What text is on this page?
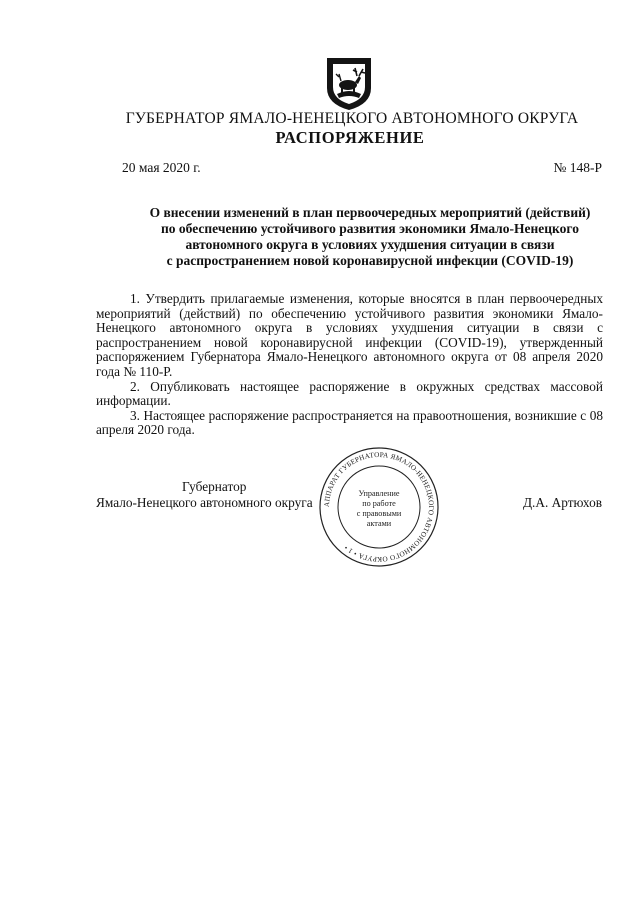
ГУБЕРНАТОР ЯМАЛО-НЕНЕЦКОГО АВТОНОМНОГО ОКРУГА
РАСПОРЯЖЕНИЕ
20 мая 2020 г.	№ 148-Р
О внесении изменений в план первоочередных мероприятий (действий)
по обеспечению устойчивого развития экономики Ямало-Ненецкого
автономного округа в условиях ухудшения ситуации в связи
с распространением новой коронавирусной инфекции (COVID-19)

1. Утвердить прилагаемые изменения, которые вносятся в план первоочередных мероприятий (действий) по обеспечению устойчивого развития экономики Ямало-Ненецкого автономного округа в условиях ухудшения ситуации в связи с распространением новой коронавирусной инфекции (COVID-19), утвержденный распоряжением Губернатора Ямало-Ненецкого автономного округа от 08 апреля 2020 года № 110-Р.

2. Опубликовать настоящее распоряжение в окружных средствах массовой информации.

3. Настоящее распоряжение распространяется на правоотношения, возникшие с 08 апреля 2020 года.

Губернатор
Ямало-Ненецкого автономного округа	АППАРАТ ГУБЕРНАТОРА ЯМАЛО-НЕНЕЦКОГО АВТОНОМНОГО ОКРУГА • 1 •
Управление
по работе
с правовыми
актами
Д.А. Артюхов
